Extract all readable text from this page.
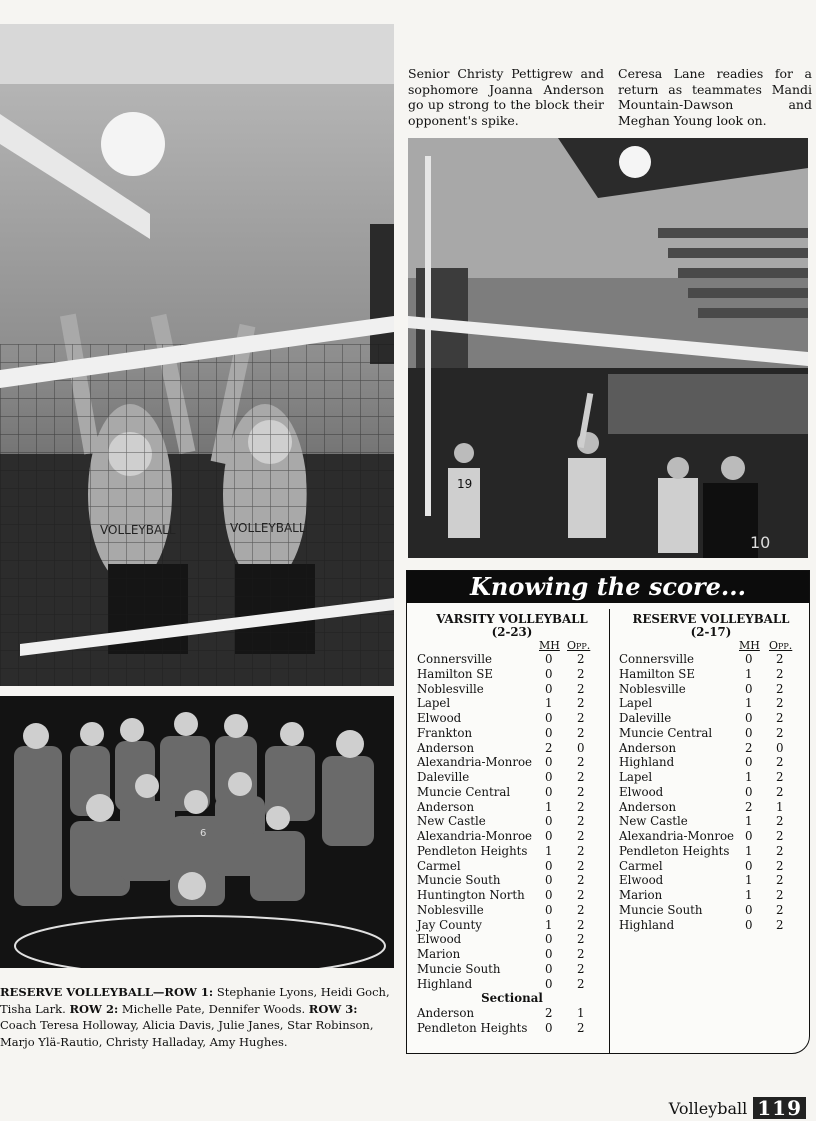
Senior Christy Pettigrew and sophomore Joanna Anderson go up strong to the block their opponent's spike.
Ceresa Lane readies for a return as teammates Mandi Mountain-Dawson and Meghan Young look on.
19
10
6
RESERVE VOLLEYBALL—ROW 1: Stephanie Lyons, Heidi Goch, Tisha Lark. ROW 2: Michelle Pate, Dennifer Woods. ROW 3: Coach Teresa Holloway, Alicia Davis, Julie Janes, Star Robinson, Marjo Ylä-Rautio, Christy Halladay, Amy Hughes.
Knowing the score...
VARSITY VOLLEYBALL
(2-23)
MH Opp.
Connersville	0 2
Hamilton SE	0 2
Noblesville	0 2
Lapel	1 2
Elwood	0 2
Frankton	0 2
Anderson	2 0
Alexandria-Monroe 0 2
Daleville	0 2
Muncie Central	0 2
Anderson	1 2
New Castle	0 2
Alexandria-Monroe 0 2
Pendleton Heights 1 2
Carmel	0 2
Muncie South	0 2
Huntington North 0 2
Noblesville	0 2
Jay County	1 2
Elwood	0 2
Marion	0 2
Muncie South	0 2
Highland	0 2
Sectional
Anderson	2 1
Pendleton Heights 0 2
RESERVE VOLLEYBALL
(2-17)
MH Opp.
Connersville	0 2
Hamilton SE	1 2
Noblesville	0 2
Lapel	1 2
Daleville	0 2
Muncie Central	0 2
Anderson	2 0
Highland	0 2
Lapel	1 2
Elwood	0 2
Anderson	2 1
New Castle	1 2
Alexandria-Monroe 0 2
Pendleton Heights 1 2
Carmel	0 2
Elwood	1 2
Marion	1 2
Muncie South	0 2
Highland	0 2
Volleyball 119
